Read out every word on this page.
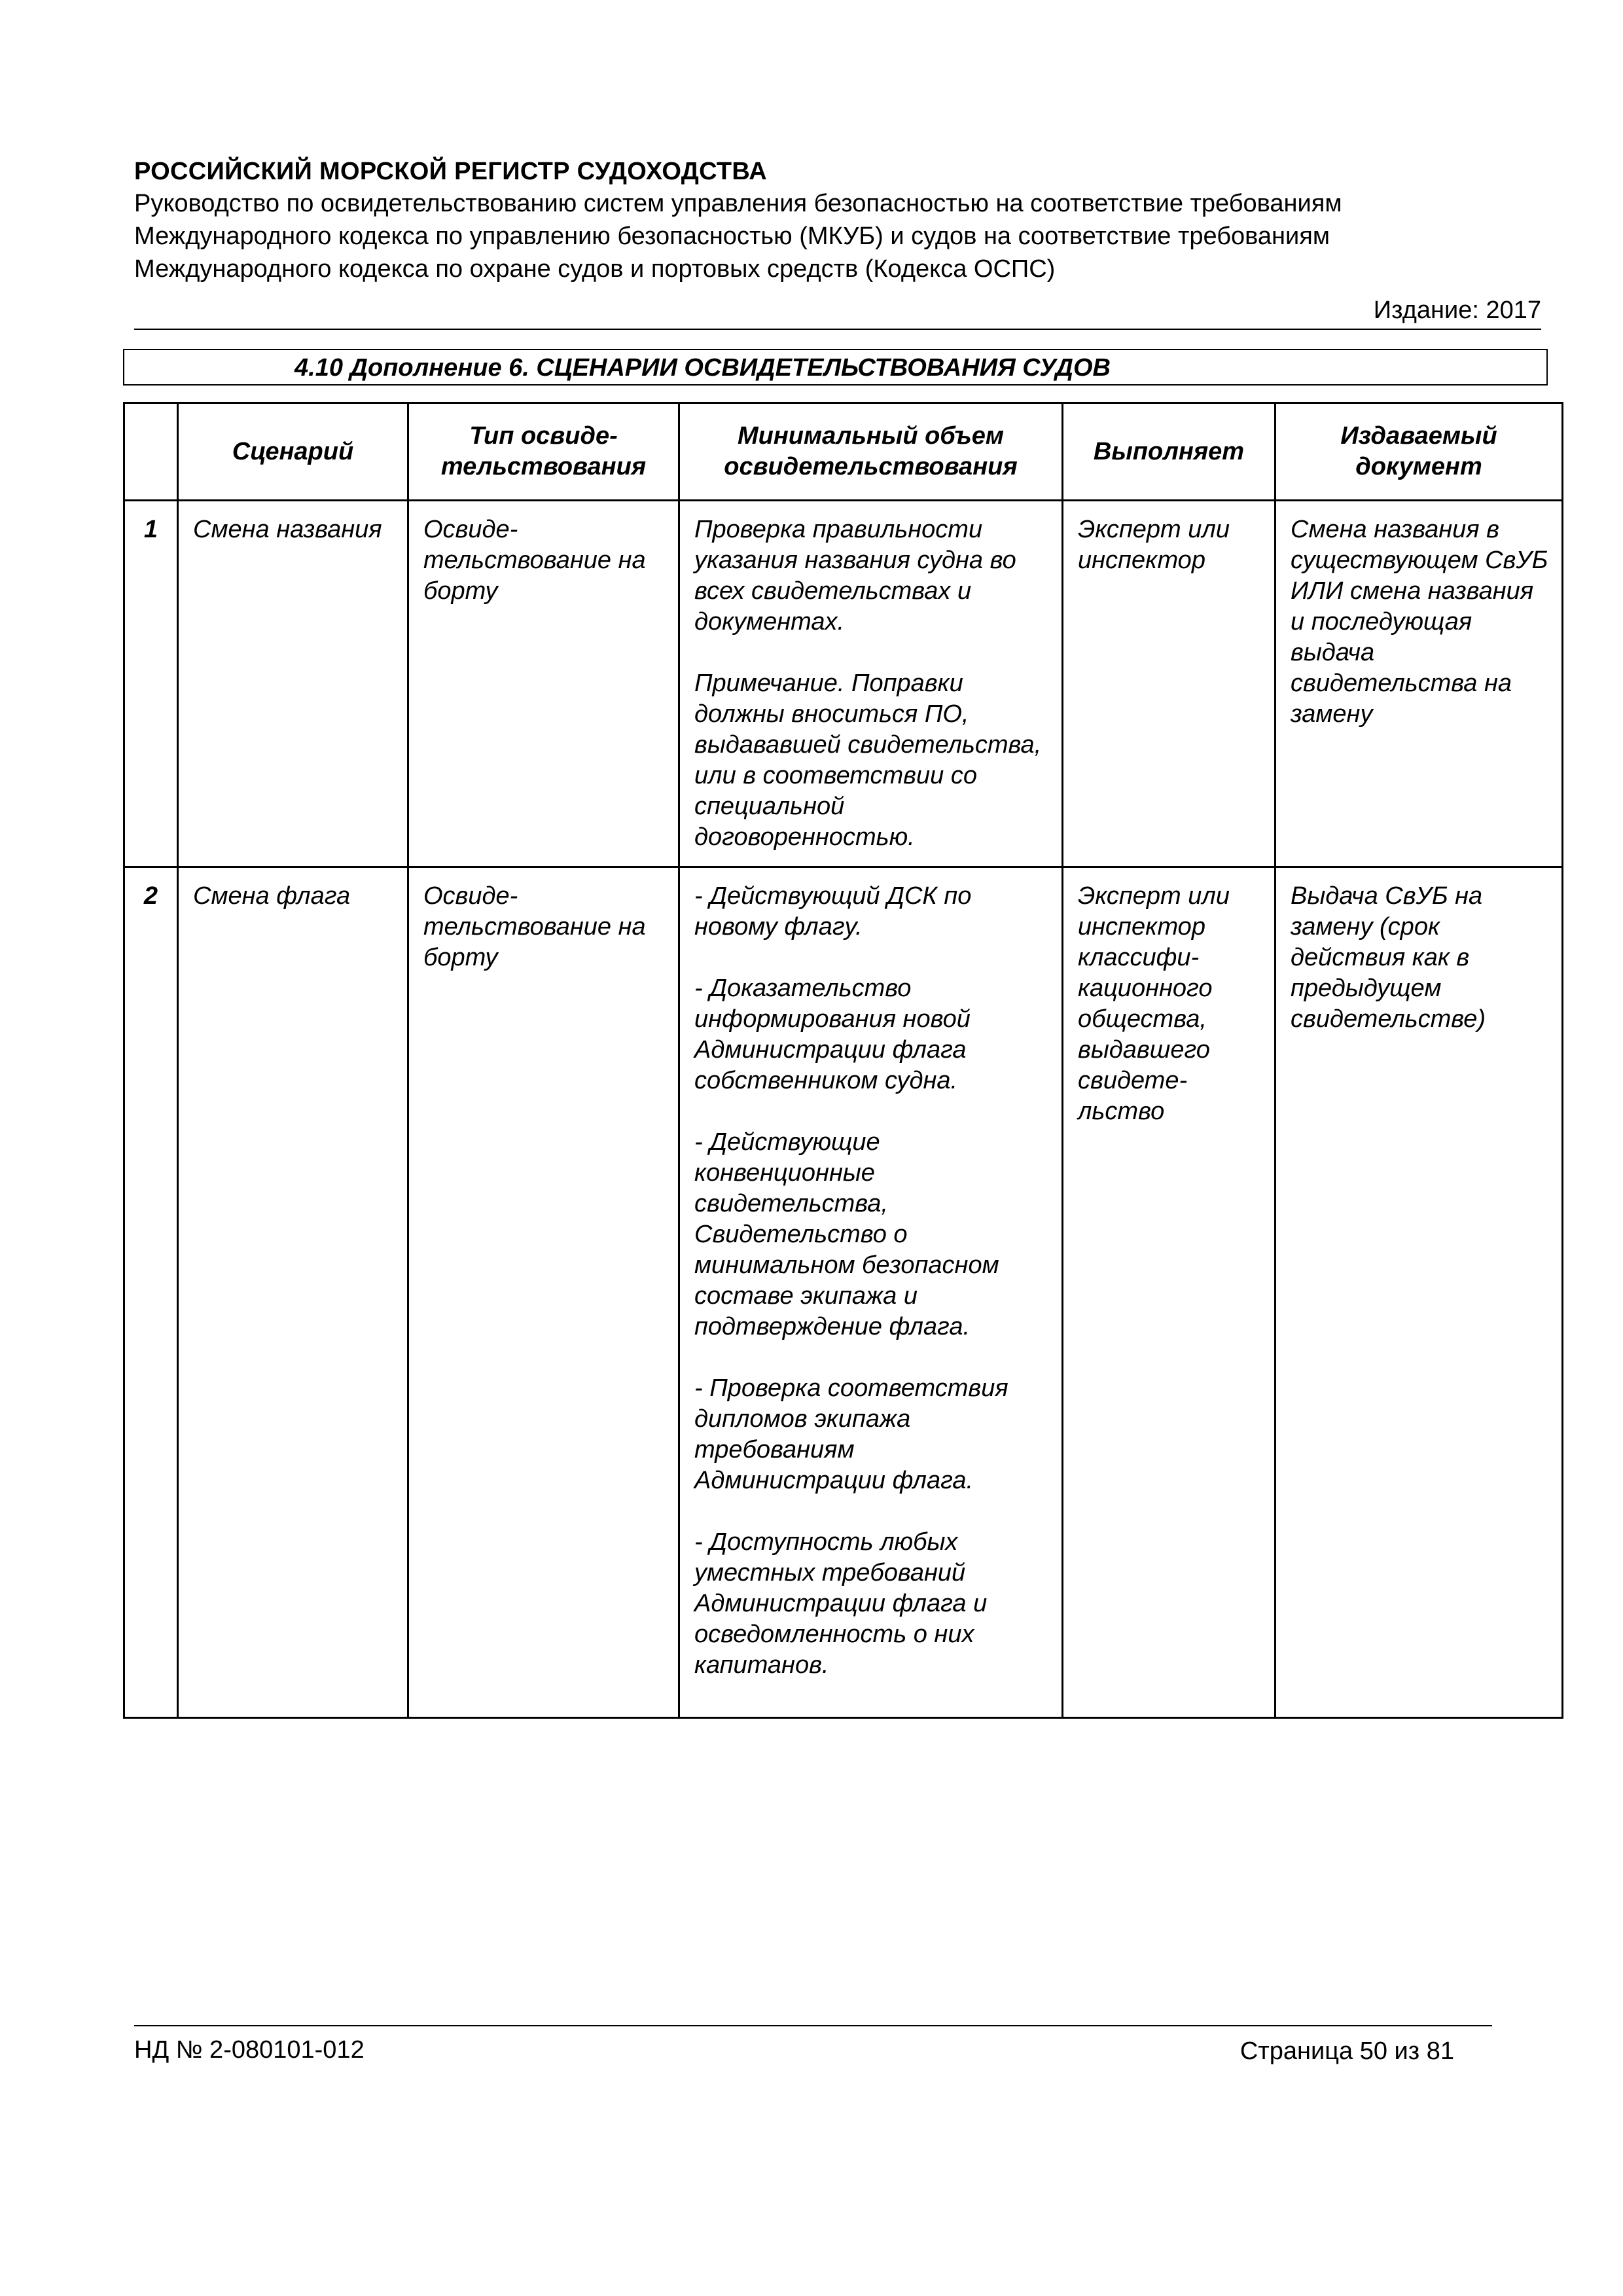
РОССИЙСКИЙ МОРСКОЙ РЕГИСТР СУДОХОДСТВА
Руководство по освидетельствованию систем управления безопасностью на соответствие требованиям
Международного кодекса по управлению безопасностью (МКУБ) и судов на соответствие требованиям
Международного кодекса по охране судов и портовых средств (Кодекса ОСПС)
Издание: 2017
4.10 Дополнение 6. СЦЕНАРИИ ОСВИДЕТЕЛЬСТВОВАНИЯ СУДОВ
	Сценарий	Тип освиде- тельствования	Минимальный объем освидетельствования	Выполняет	Издаваемый документ
1	Смена названия	Освиде- тельствование на борту	Проверка правильности указания названия судна во всех свидетельствах и документах.

Примечание. Поправки должны вноситься ПО, выдававшей свидетельства, или в соответствии со специальной договоренностью.	Эксперт или инспектор	Смена названия в существующем СвУБ ИЛИ смена названия и последующая выдача свидетельства на замену
2	Смена флага	Освиде- тельствование на борту	- Действующий ДСК по новому флагу.

- Доказательство информирования новой Администрации флага собственником судна.

- Действующие конвенционные свидетельства, Свидетельство о минимальном безопасном составе экипажа и подтверждение флага.

- Проверка соответствия дипломов экипажа требованиям Администрации флага.

- Доступность любых уместных требований Администрации флага и осведомленность о них капитанов.	Эксперт или инспектор классифи- кационного общества, выдавшего свидете- льство	Выдача СвУБ на замену (срок действия как в предыдущем свидетельстве)
НД № 2-080101-012	Страница 50 из 81
